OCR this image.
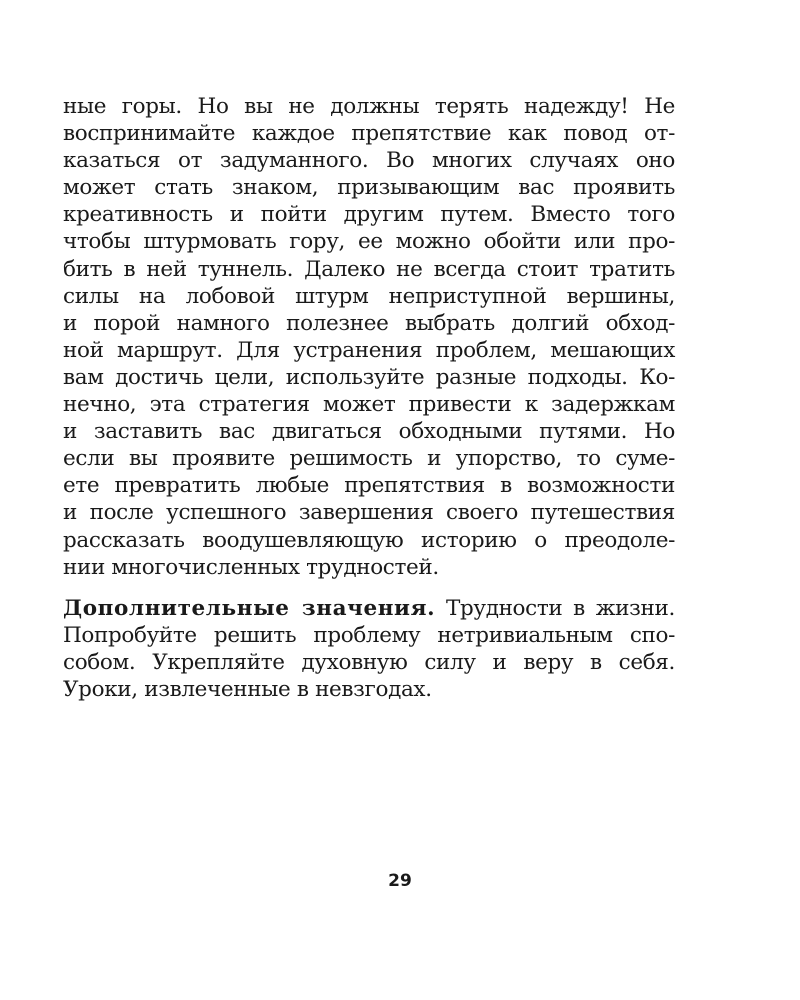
ные горы. Но вы не должны терять надежду! Не
воспринимайте каждое препятствие как повод от-
казаться от задуманного. Во многих случаях оно
может стать знаком, призывающим вас проявить
креативность и пойти другим путем. Вместо того
чтобы штурмовать гору, ее можно обойти или про-
бить в ней туннель. Далеко не всегда стоит тратить
силы на лобовой штурм неприступной вершины,
и порой намного полезнее выбрать долгий обход-
ной маршрут. Для устранения проблем, мешающих
вам достичь цели, используйте разные подходы. Ко-
нечно, эта стратегия может привести к задержкам
и заставить вас двигаться обходными путями. Но
если вы проявите решимость и упорство, то суме-
ете превратить любые препятствия в возможности
и после успешного завершения своего путешествия
рассказать воодушевляющую историю о преодоле-
нии многочисленных трудностей.
Дополнительные значения. Трудности в жизни.
Попробуйте решить проблему нетривиальным спо-
собом. Укрепляйте духовную силу и веру в себя.
Уроки, извлеченные в невзгодах.
29
